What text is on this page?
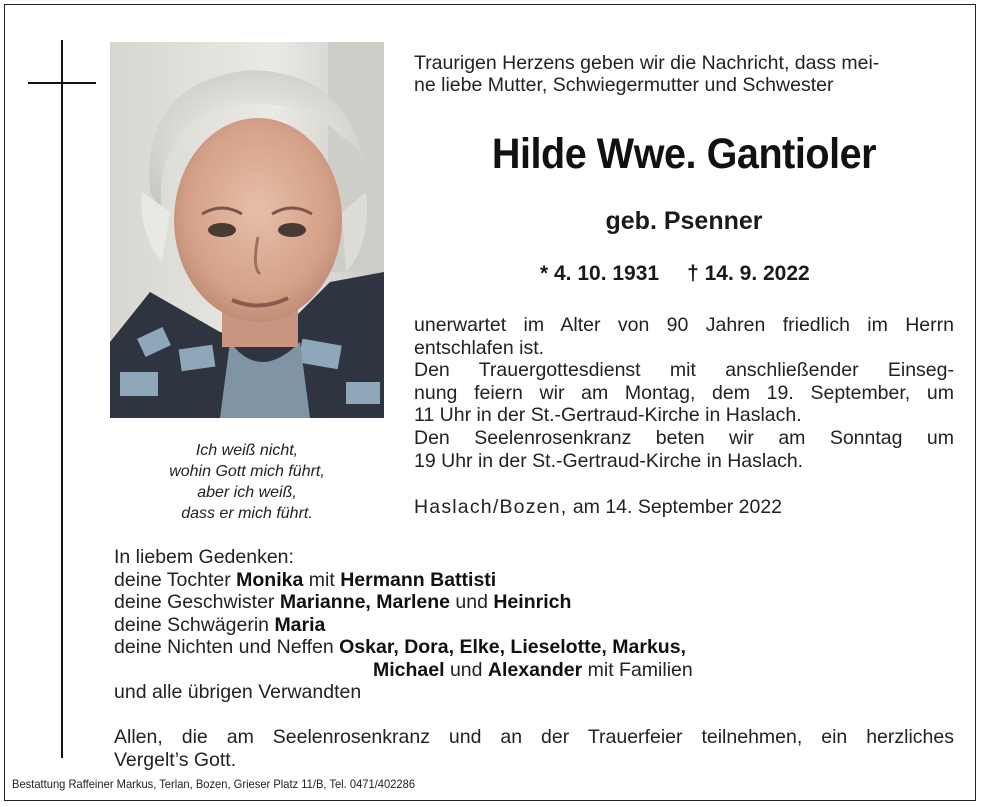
Ich weiß nicht,
wohin Gott mich führt,
aber ich weiß,
dass er mich führt.
Traurigen Herzens geben wir die Nachricht, dass mei-
ne liebe Mutter, Schwiegermutter und Schwester
Hilde Wwe. Gantioler
geb. Psenner
* 4. 10. 1931 † 14. 9. 2022
unerwartet im Alter von 90 Jahren friedlich im Herrn
entschlafen ist.
Den Trauergottesdienst mit anschließender Einseg-
nung feiern wir am Montag, dem 19. September, um
11 Uhr in der St.-Gertraud-Kirche in Haslach.
Den Seelenrosenkranz beten wir am Sonntag um
19 Uhr in der St.-Gertraud-Kirche in Haslach.
Haslach/Bozen, am 14. September 2022
In liebem Gedenken:
deine Tochter Monika mit Hermann Battisti
deine Geschwister Marianne, Marlene und Heinrich
deine Schwägerin Maria
deine Nichten und Neffen Oskar, Dora, Elke, Lieselotte, Markus,
Michael und Alexander mit Familien
und alle übrigen Verwandten
Allen, die am Seelenrosenkranz und an der Trauerfeier teilnehmen, ein herzliches
Vergelt’s Gott.
Bestattung Raffeiner Markus, Terlan, Bozen, Grieser Platz 11/B, Tel. 0471/402286
